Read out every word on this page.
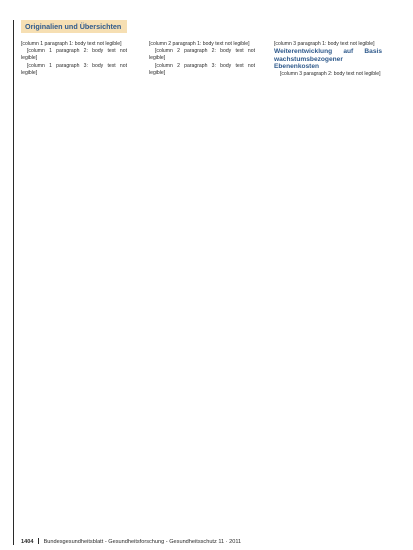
Originalien und Übersichten

[column 1 paragraph 1: body text not legible]

[column 1 paragraph 2: body text not legible]

[column 1 paragraph 3: body text not legible]

[column 2 paragraph 1: body text not legible]

[column 2 paragraph 2: body text not legible]

[column 2 paragraph 3: body text not legible]

[column 3 paragraph 1: body text not legible]

Weiterentwicklung auf Basis wachstumsbezogener Ebenenkosten

[column 3 paragraph 2: body text not legible]

1404 Bundesgesundheitsblatt - Gesundheitsforschung - Gesundheitsschutz 11 · 2011
